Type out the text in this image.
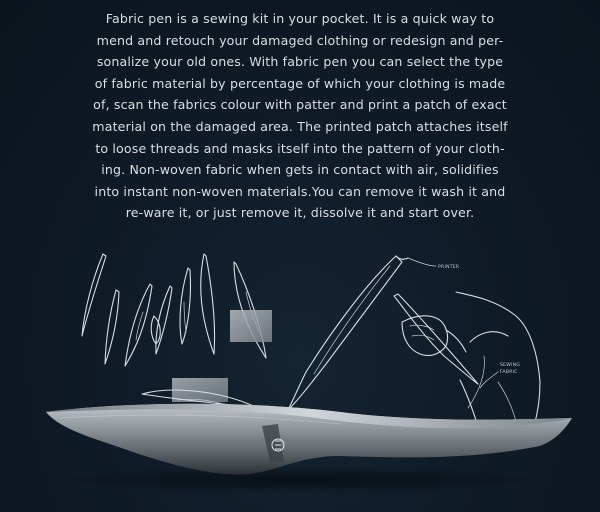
Fabric pen is a sewing kit in your pocket. It is a quick way to
mend and retouch your damaged clothing or redesign and per-
sonalize your old ones. With fabric pen you can select the type
of fabric material by percentage of which your clothing is made
of, scan the fabrics colour with patter and print a patch of exact
material on the damaged area. The printed patch attaches itself
to loose threads and masks itself into the pattern of your cloth-
ing. Non-woven fabric when gets in contact with air, solidifies
into instant non-woven materials.You can remove it wash it and
re-ware it, or just remove it, dissolve it and start over.
PRINTER
SEWING
FABRIC
